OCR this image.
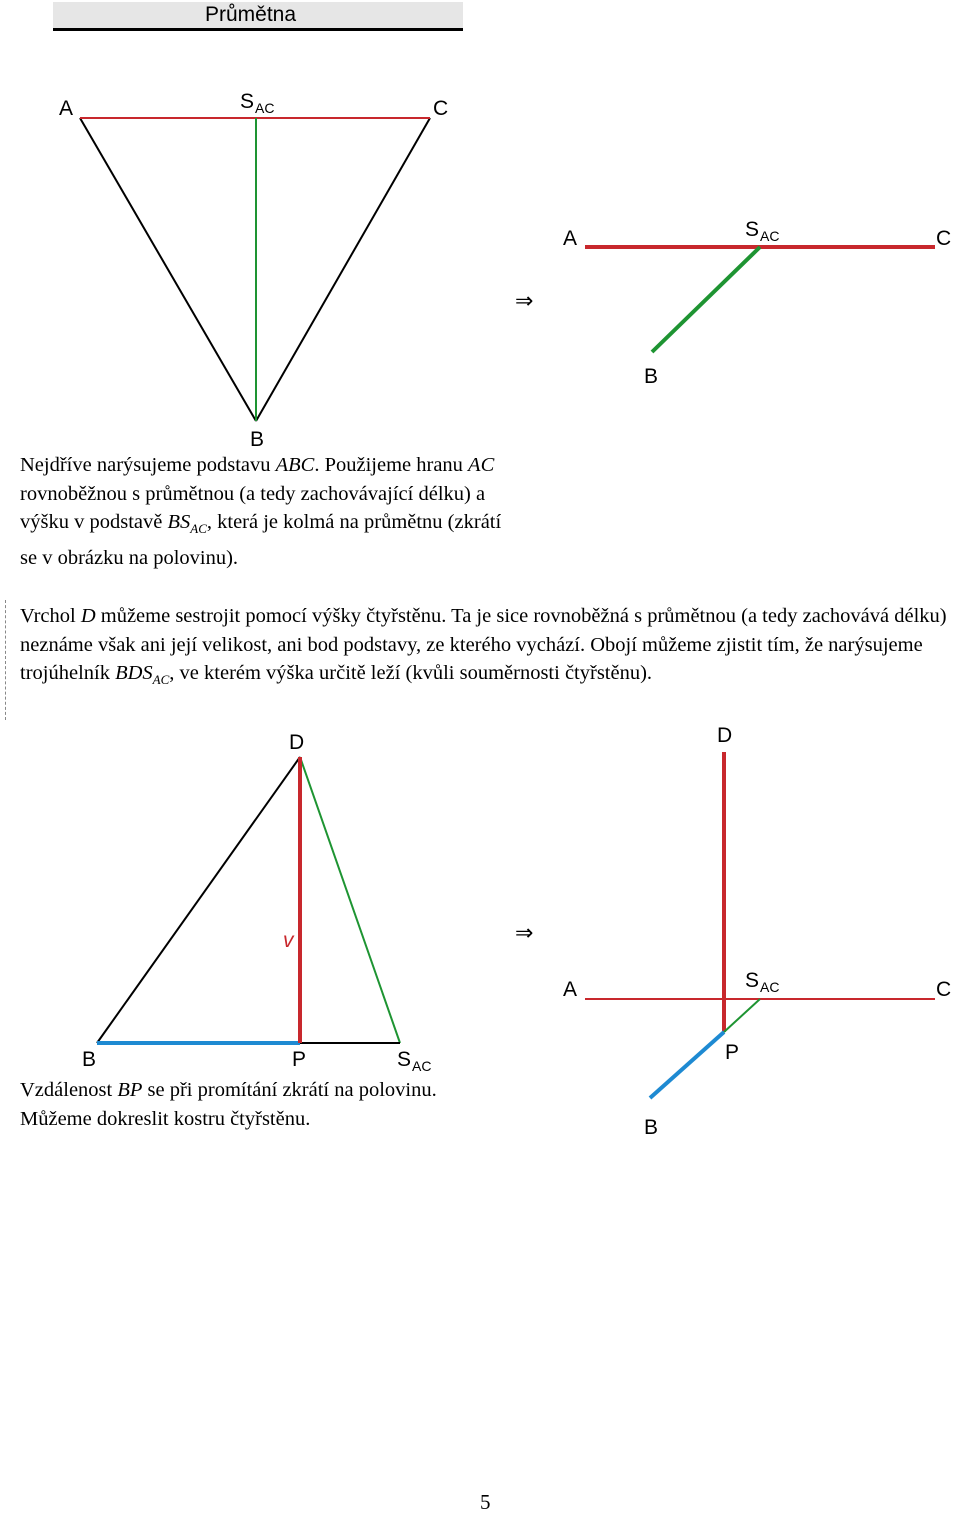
Průmětna
A	S AC	C
B
⇒
A	S AC	C
B

Nejdříve narýsujeme podstavu ABC. Použijeme hranu AC rovnoběžnou s průmětnou (a tedy zachovávající délku) a výšku v podstavě $BS_{AC}$, která je kolmá na průmětnu (zkrátí se v obrázku na polovinu).

Vrchol D můžeme sestrojit pomocí výšky čtyřstěnu. Ta je sice rovnoběžná s průmětnou (a tedy zachovává délku) neznáme však ani její velikost, ani bod podstavy, ze kterého vychází. Obojí můžeme zjistit tím, že narýsujeme trojúhelník $BDS_{AC}$, ve kterém výška určitě leží (kvůli souměrnosti čtyřstěnu).

D
v
B	P	S AC
⇒
D
A	S AC	C
P
B

Vzdálenost BP se při promítání zkrátí na polovinu. Můžeme dokreslit kostru čtyřstěnu.

5
